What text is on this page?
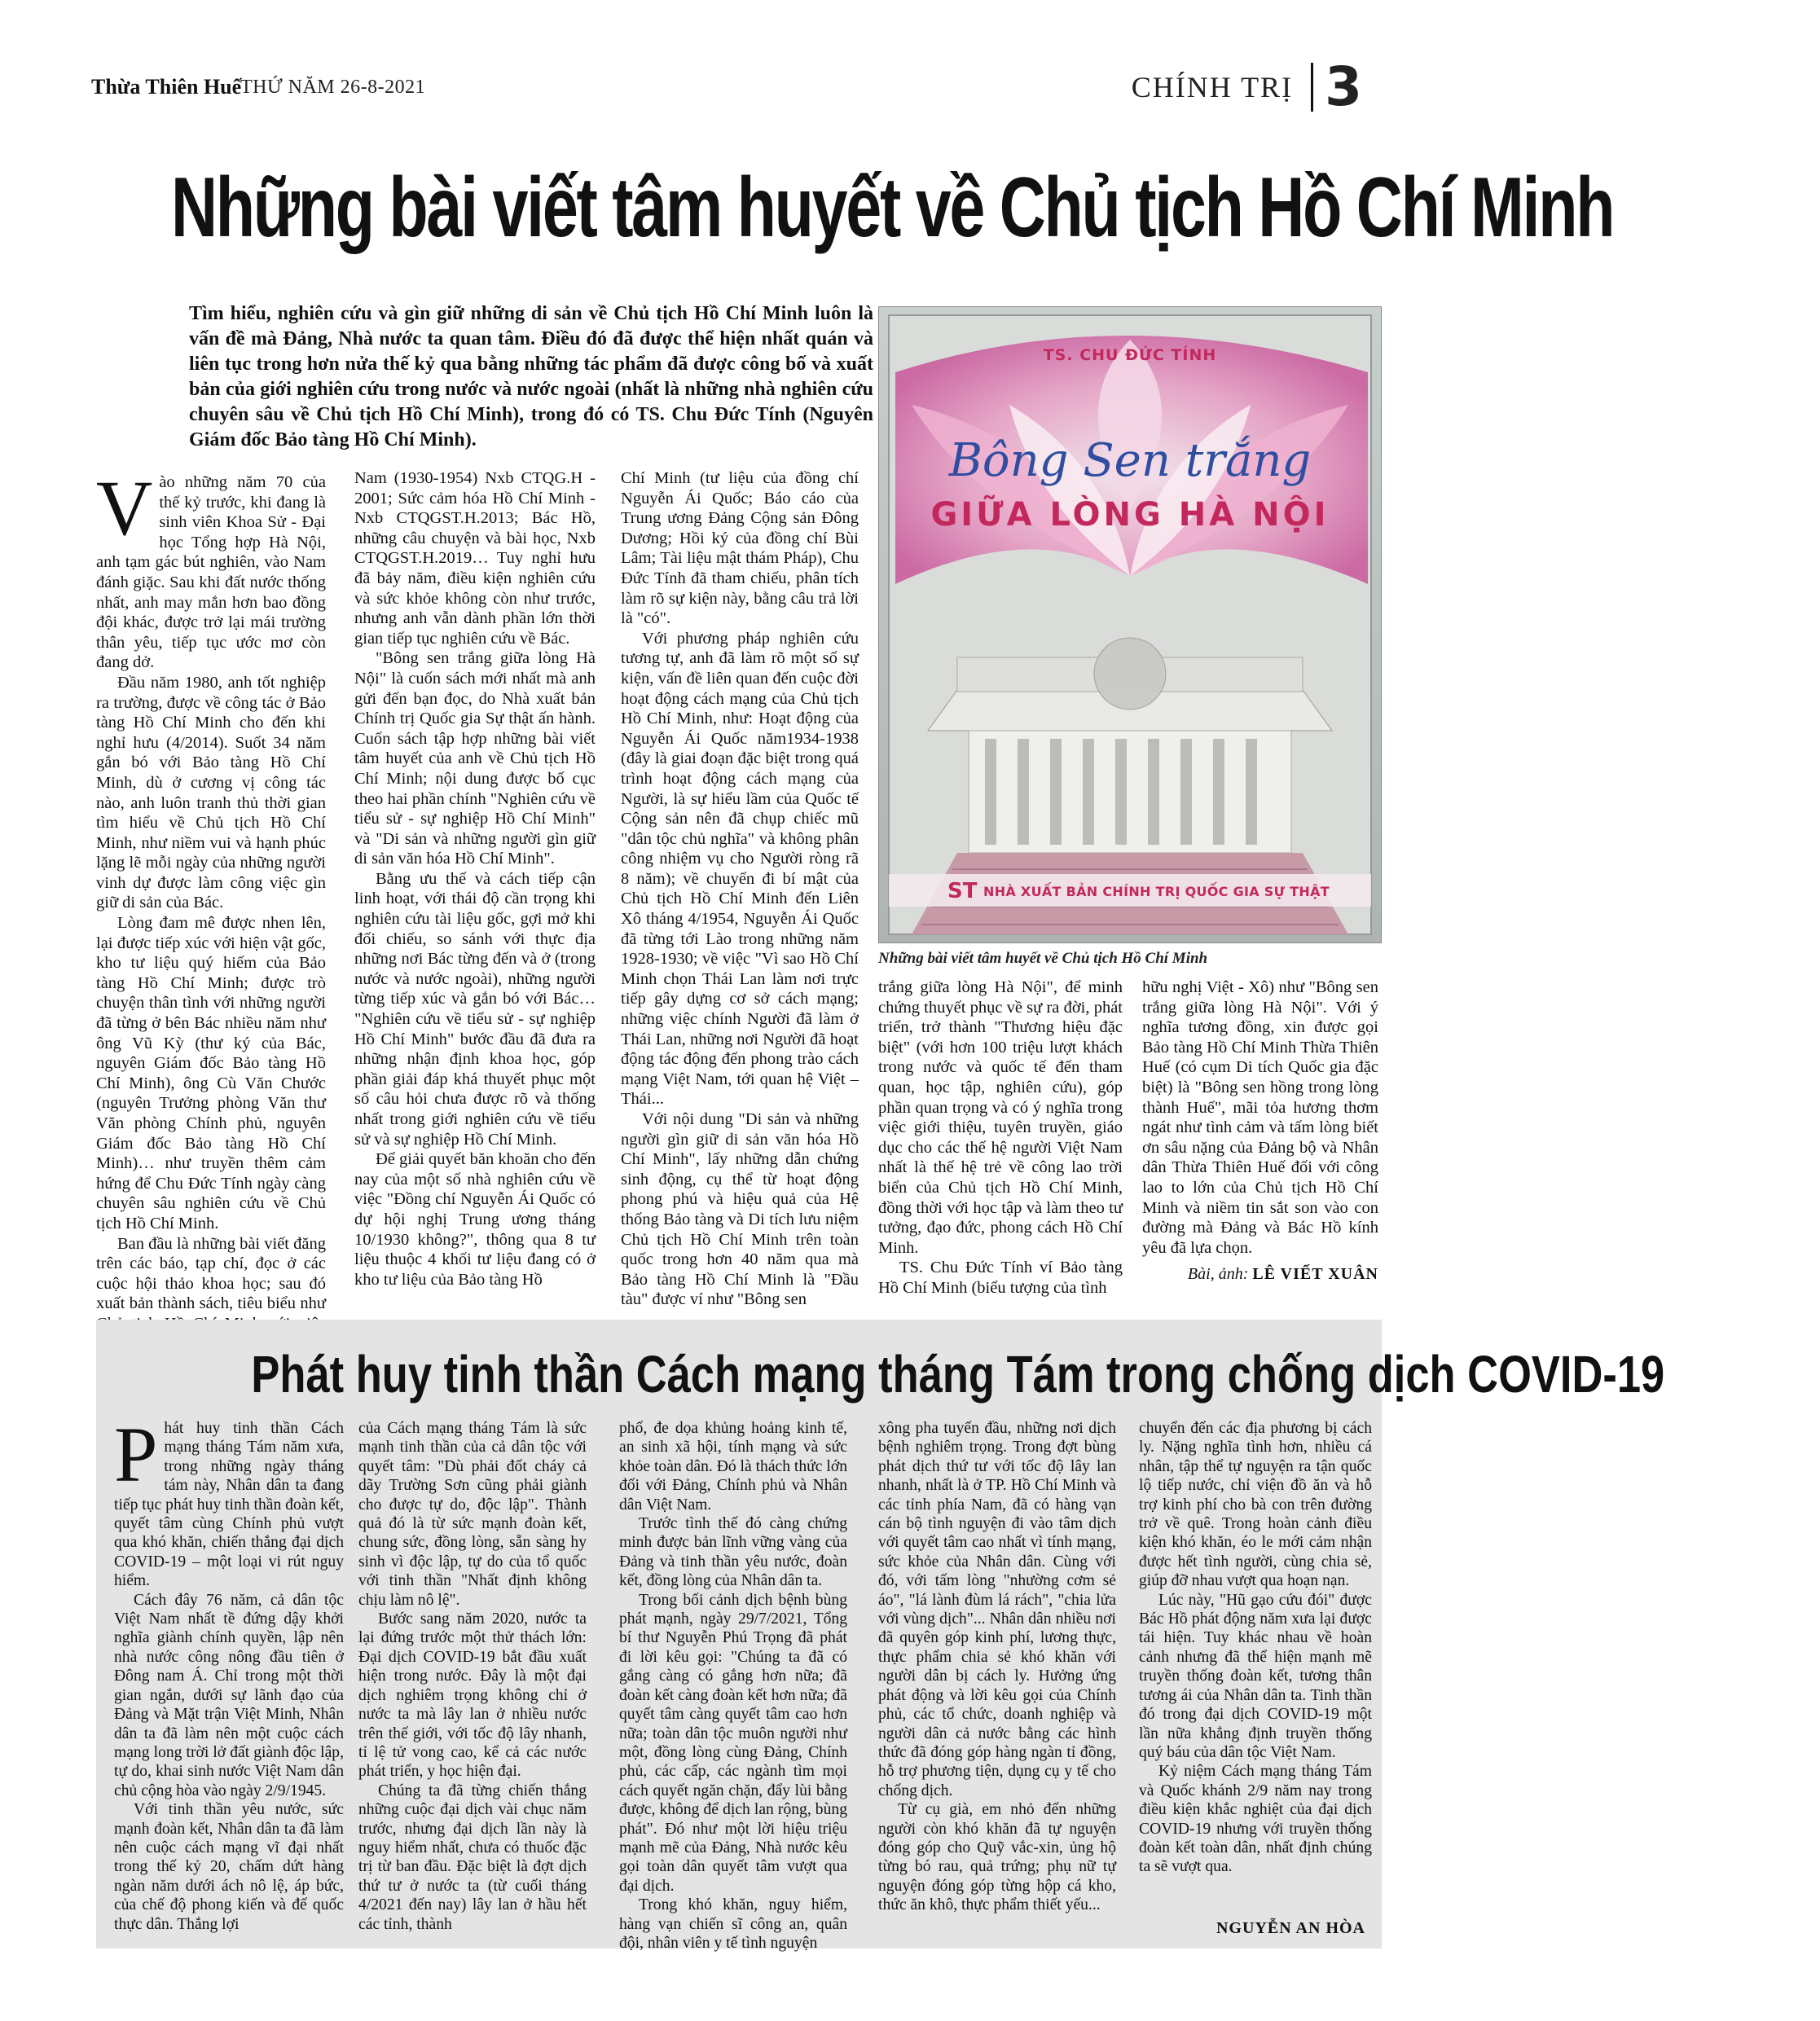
Thừa Thiên Huế
THỨ NĂM 26-8-2021	CHÍNH TRỊ 3
Những bài viết tâm huyết về Chủ tịch Hồ Chí Minh
Tìm hiểu, nghiên cứu và gìn giữ những di sản về Chủ tịch Hồ Chí Minh luôn là vấn đề mà Đảng, Nhà nước ta quan tâm. Điều đó đã được thể hiện nhất quán và liên tục trong hơn nửa thế kỷ qua bằng những tác phẩm đã được công bố và xuất bản của giới nghiên cứu trong nước và nước ngoài (nhất là những nhà nghiên cứu chuyên sâu về Chủ tịch Hồ Chí Minh), trong đó có TS. Chu Đức Tính (Nguyên Giám đốc Bảo tàng Hồ Chí Minh).

Vào những năm 70 của thế kỷ trước, khi đang là sinh viên Khoa Sử - Đại học Tổng hợp Hà Nội, anh tạm gác bút nghiên, vào Nam đánh giặc. Sau khi đất nước thống nhất, anh may mắn hơn bao đồng đội khác, được trở lại mái trường thân yêu, tiếp tục ước mơ còn đang dở.

Đầu năm 1980, anh tốt nghiệp ra trường, được về công tác ở Bảo tàng Hồ Chí Minh cho đến khi nghỉ hưu (4/2014). Suốt 34 năm gắn bó với Bảo tàng Hồ Chí Minh, dù ở cương vị công tác nào, anh luôn tranh thủ thời gian tìm hiểu về Chủ tịch Hồ Chí Minh, như niềm vui và hạnh phúc lặng lẽ mỗi ngày của những người vinh dự được làm công việc gìn giữ di sản của Bác.

Lòng đam mê được nhen lên, lại được tiếp xúc với hiện vật gốc, kho tư liệu quý hiếm của Bảo tàng Hồ Chí Minh; được trò chuyện thân tình với những người đã từng ở bên Bác nhiều năm như ông Vũ Kỳ (thư ký của Bác, nguyên Giám đốc Bảo tàng Hồ Chí Minh), ông Cù Văn Chước (nguyên Trưởng phòng Văn thư Văn phòng Chính phủ, nguyên Giám đốc Bảo tàng Hồ Chí Minh)… như truyền thêm cảm hứng để Chu Đức Tính ngày càng chuyên sâu nghiên cứu về Chủ tịch Hồ Chí Minh.

Ban đầu là những bài viết đăng trên các báo, tạp chí, đọc ở các cuộc hội thảo khoa học; sau đó xuất bản thành sách, tiêu biểu như

Nam (1930-1954) Nxb CTQG.H - 2001; Sức cảm hóa Hồ Chí Minh - Nxb CTQGST.H.2013; Bác Hồ, những câu chuyện và bài học, Nxb CTQGST.H.2019… Tuy nghỉ hưu đã bảy năm, điều kiện nghiên cứu và sức khỏe không còn như trước, nhưng anh vẫn dành phần lớn thời gian tiếp tục nghiên cứu về Bác.

"Bông sen trắng giữa lòng Hà Nội" là cuốn sách mới nhất mà anh gửi đến bạn đọc, do Nhà xuất bản Chính trị Quốc gia Sự thật ấn hành. Cuốn sách tập hợp những bài viết tâm huyết của anh về Chủ tịch Hồ Chí Minh; nội dung được bố cục theo hai phần chính "Nghiên cứu về tiểu sử - sự nghiệp Hồ Chí Minh" và "Di sản và những người gìn giữ di sản văn hóa Hồ Chí Minh".

Bằng ưu thế và cách tiếp cận linh hoạt, với thái độ cần trọng khi nghiên cứu tài liệu gốc, gợi mở khi đối chiếu, so sánh với thực địa những nơi Bác từng đến và ở (trong nước và nước ngoài), những người từng tiếp xúc và gắn bó với Bác… "Nghiên cứu về tiểu sử - sự nghiệp Hồ Chí Minh" bước đầu đã đưa ra những nhận định khoa học, góp phần giải đáp khá thuyết phục một số câu hỏi chưa được rõ và thống nhất trong giới nghiên cứu về tiểu sử và sự nghiệp Hồ Chí Minh.

Để giải quyết băn khoăn cho đến nay của một số nhà nghiên cứu về việc "Đồng chí Nguyễn Ái Quốc có dự hội nghị Trung ương tháng 10/1930 không?", thông qua 8 tư liệu thuộc 4 khối tư liệu đang có ở kho tư liệu của Bảo tàng Hồ

Chí Minh (tư liệu của đồng chí Nguyễn Ái Quốc; Báo cáo của Trung ương Đảng Cộng sản Đông Dương; Hồi ký của đồng chí Bùi Lâm; Tài liệu mật thám Pháp), Chu Đức Tính đã tham chiếu, phân tích làm rõ sự kiện này, bằng câu trả lời là "có".

Với phương pháp nghiên cứu tương tự, anh đã làm rõ một số sự kiện, vấn đề liên quan đến cuộc đời hoạt động cách mạng của Chủ tịch Hồ Chí Minh, như: Hoạt động của Nguyễn Ái Quốc năm1934-1938 (đây là giai đoạn đặc biệt trong quá trình hoạt động cách mạng của Người, là sự hiểu lầm của Quốc tế Cộng sản nên đã chụp chiếc mũ "dân tộc chủ nghĩa" và không phân công nhiệm vụ cho Người ròng rã 8 năm); về chuyến đi bí mật của Chủ tịch Hồ Chí Minh đến Liên Xô tháng 4/1954, Nguyễn Ái Quốc đã từng tới Lào trong những năm 1928-1930; về việc "Vì sao Hồ Chí Minh chọn Thái Lan làm nơi trực tiếp gây dựng cơ sở cách mạng; những việc chính Người đã làm ở Thái Lan, những nơi Người đã hoạt động tác động đến phong trào cách mạng Việt Nam, tới quan hệ Việt – Thái...

Với nội dung "Di sản và những người gìn giữ di sản văn hóa Hồ Chí Minh", lấy những dẫn chứng sinh động, cụ thể từ hoạt động phong phú và hiệu quả của Hệ thống Bảo tàng và Di tích lưu niệm Chủ tịch Hồ Chí Minh trên toàn quốc trong hơn 40 năm qua mà Bảo tàng Hồ Chí Minh là "Đầu tàu" được ví như "Bông sen

TS. CHU ĐỨC TÍNH
Bông Sen trắng
GIỮA LÒNG HÀ NỘI
ST NHÀ XUẤT BẢN CHÍNH TRỊ QUỐC GIA SỰ THẬT
Những bài viết tâm huyết về Chủ tịch Hồ Chí Minh

trắng giữa lòng Hà Nội", để minh chứng thuyết phục về sự ra đời, phát triển, trở thành "Thương hiệu đặc biệt" (với hơn 100 triệu lượt khách trong nước và quốc tế đến tham quan, học tập, nghiên cứu), góp phần quan trọng và có ý nghĩa trong việc giới thiệu, tuyên truyền, giáo dục cho các thế hệ người Việt Nam nhất là thế hệ trẻ về công lao trời biển của Chủ tịch Hồ Chí Minh, đồng thời với học tập và làm theo tư tưởng, đạo đức, phong cách Hồ Chí Minh.

TS. Chu Đức Tính ví Bảo tàng Hồ Chí Minh (biểu tượng của tình

hữu nghị Việt - Xô) như "Bông sen trắng giữa lòng Hà Nội". Với ý nghĩa tương đồng, xin được gọi Bảo tàng Hồ Chí Minh Thừa Thiên Huế (có cụm Di tích Quốc gia đặc biệt) là "Bông sen hồng trong lòng thành Huế", mãi tỏa hương thơm ngát như tình cảm và tấm lòng biết ơn sâu nặng của Đảng bộ và Nhân dân Thừa Thiên Huế đối với công lao to lớn của Chủ tịch Hồ Chí Minh và niềm tin sắt son vào con đường mà Đảng và Bác Hồ kính yêu đã lựa chọn.

Bài, ảnh: LÊ VIẾT XUÂN
Phát huy tinh thần Cách mạng tháng Tám trong chống dịch COVID-19

Phát huy tinh thần Cách mạng tháng Tám năm xưa, trong những ngày tháng tám này, Nhân dân ta đang tiếp tục phát huy tinh thần đoàn kết, quyết tâm cùng Chính phủ vượt qua khó khăn, chiến thắng đại dịch COVID-19 – một loại vi rút nguy hiểm.

Cách đây 76 năm, cả dân tộc Việt Nam nhất tề đứng dậy khởi nghĩa giành chính quyền, lập nên nhà nước công nông đầu tiên ở Đông nam Á. Chỉ trong một thời gian ngắn, dưới sự lãnh đạo của Đảng và Mặt trận Việt Minh, Nhân dân ta đã làm nên một cuộc cách mạng long trời lở đất giành độc lập, tự do, khai sinh nước Việt Nam dân chủ cộng hòa vào ngày 2/9/1945.

Với tinh thần yêu nước, sức mạnh đoàn kết, Nhân dân ta đã làm nên cuộc cách mạng vĩ đại nhất trong thế kỷ 20, chấm dứt hàng ngàn năm dưới ách nô lệ, áp bức, của chế độ phong kiến và đế quốc thực dân. Thắng lợi

của Cách mạng tháng Tám là sức mạnh tinh thần của cả dân tộc với quyết tâm: "Dù phải đốt cháy cả dãy Trường Sơn cũng phải giành cho được tự do, độc lập". Thành quả đó là từ sức mạnh đoàn kết, chung sức, đồng lòng, sẵn sàng hy sinh vì độc lập, tự do của tổ quốc với tinh thần "Nhất định không chịu làm nô lệ".

Bước sang năm 2020, nước ta lại đứng trước một thử thách lớn: Đại dịch COVID-19 bắt đầu xuất hiện trong nước. Đây là một đại dịch nghiêm trọng không chỉ ở nước ta mà lây lan ở nhiều nước trên thế giới, với tốc độ lây nhanh, tỉ lệ tử vong cao, kể cả các nước phát triển, y học hiện đại.

Chúng ta đã từng chiến thắng những cuộc đại dịch vài chục năm trước, nhưng đại dịch lần này là nguy hiểm nhất, chưa có thuốc đặc trị từ ban đầu. Đặc biệt là đợt dịch thứ tư ở nước ta (từ cuối tháng 4/2021 đến nay) lây lan ở hầu hết các tỉnh, thành

phố, đe dọa khủng hoảng kinh tế, an sinh xã hội, tính mạng và sức khỏe toàn dân. Đó là thách thức lớn đối với Đảng, Chính phủ và Nhân dân Việt Nam.

Trước tình thế đó càng chứng minh được bản lĩnh vững vàng của Đảng và tinh thần yêu nước, đoàn kết, đồng lòng của Nhân dân ta.

Trong bối cảnh dịch bệnh bùng phát mạnh, ngày 29/7/2021, Tổng bí thư Nguyễn Phú Trọng đã phát đi lời kêu gọi: "Chúng ta đã có gắng càng có gắng hơn nữa; đã đoàn kết càng đoàn kết hơn nữa; đã quyết tâm càng quyết tâm cao hơn nữa; toàn dân tộc muôn người như một, đồng lòng cùng Đảng, Chính phủ, các cấp, các ngành tìm mọi cách quyết ngăn chặn, đẩy lùi bằng được, không để dịch lan rộng, bùng phát". Đó như một lời hiệu triệu mạnh mẽ của Đảng, Nhà nước kêu gọi toàn dân quyết tâm vượt qua đại dịch.

Trong khó khăn, nguy hiểm, hàng vạn chiến sĩ công an, quân đội, nhân viên y tế tình nguyện

xông pha tuyến đầu, những nơi dịch bệnh nghiêm trọng. Trong đợt bùng phát dịch thứ tư với tốc độ lây lan nhanh, nhất là ở TP. Hồ Chí Minh và các tỉnh phía Nam, đã có hàng vạn cán bộ tình nguyện đi vào tâm dịch với quyết tâm cao nhất vì tính mạng, sức khỏe của Nhân dân. Cùng với đó, với tấm lòng "nhường cơm sẻ áo", "lá lành đùm lá rách", "chia lửa với vùng dịch"... Nhân dân nhiều nơi đã quyên góp kinh phí, lương thực, thực phẩm chia sẻ khó khăn với người dân bị cách ly. Hưởng ứng phát động và lời kêu gọi của Chính phủ, các tổ chức, doanh nghiệp và người dân cả nước bằng các hình thức đã đóng góp hàng ngàn tỉ đồng, hỗ trợ phương tiện, dụng cụ y tế cho chống dịch.

Từ cụ già, em nhỏ đến những người còn khó khăn đã tự nguyện đóng góp cho Quỹ vắc-xin, ủng hộ từng bó rau, quả trứng; phụ nữ tự nguyện đóng góp từng hộp cá kho, thức ăn khô, thực phẩm thiết yếu...

chuyển đến các địa phương bị cách ly. Nặng nghĩa tình hơn, nhiều cá nhân, tập thể tự nguyện ra tận quốc lộ tiếp nước, chỉ viện đồ ăn và hỗ trợ kinh phí cho bà con trên đường trở về quê. Trong hoàn cảnh điều kiện khó khăn, éo le mới cảm nhận được hết tình người, cùng chia sẻ, giúp đỡ nhau vượt qua hoạn nạn.

Lúc này, "Hũ gạo cứu đói" được Bác Hồ phát động năm xưa lại được tái hiện. Tuy khác nhau về hoàn cảnh nhưng đã thể hiện mạnh mẽ truyền thống đoàn kết, tương thân tương ái của Nhân dân ta. Tinh thần đó trong đại dịch COVID-19 một lần nữa khẳng định truyền thống quý báu của dân tộc Việt Nam.

Kỷ niệm Cách mạng tháng Tám và Quốc khánh 2/9 năm nay trong điều kiện khắc nghiệt của đại dịch COVID-19 nhưng với truyền thống đoàn kết toàn dân, nhất định chúng ta sẽ vượt qua.

NGUYỄN AN HÒA
